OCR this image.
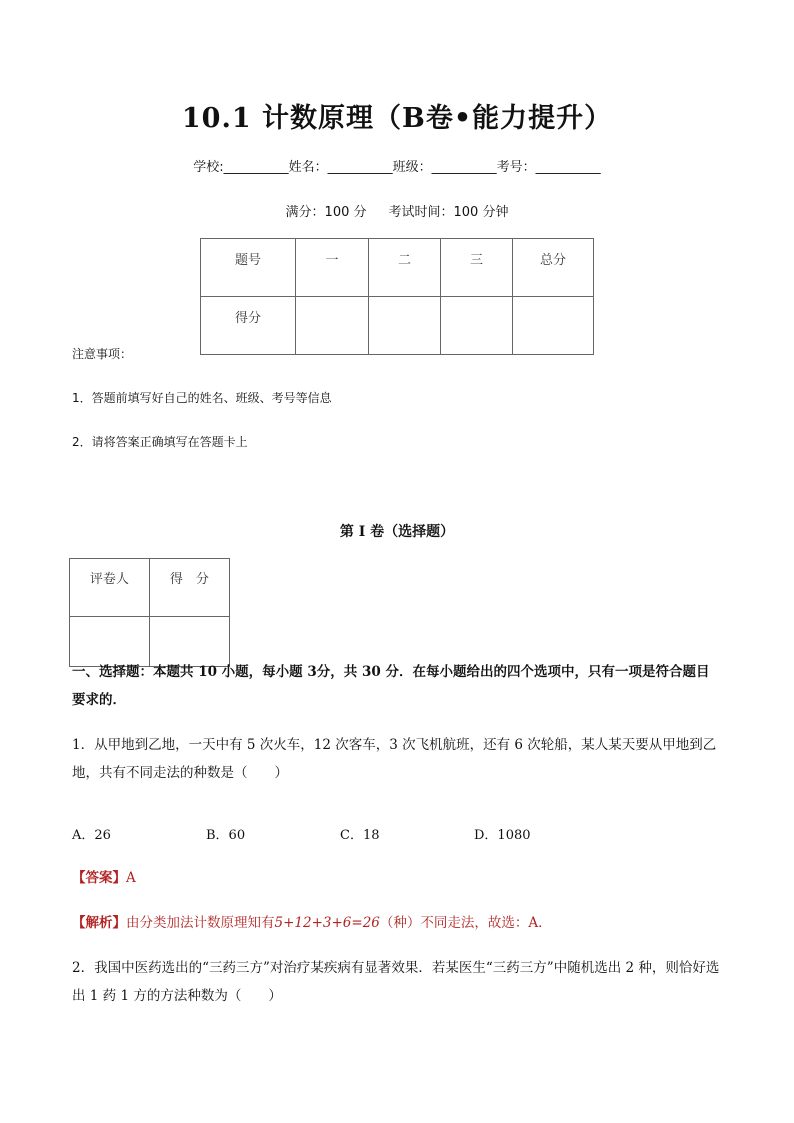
10.1 计数原理（B卷•能力提升）
学校:__________姓名：__________班级：__________考号：__________
满分：100 分 考试时间：100 分钟
题号	一	二	三	总分
得分				
注意事项：
1．答题前填写好自己的姓名、班级、考号等信息
2．请将答案正确填写在答题卡上
第 I 卷（选择题）
评卷人	得　分

一、选择题：本题共 10 小题，每小题 3分，共 30 分．在每小题给出的四个选项中，只有一项是符合题目要求的．
1．从甲地到乙地，一天中有 5 次火车，12 次客车，3 次飞机航班，还有 6 次轮船，某人某天要从甲地到乙地，共有不同走法的种数是（　　）
A．26	B．60	C．18	D．1080
【答案】A
【解析】由分类加法计数原理知有5+12+3+6=26（种）不同走法，故选：A．
2．我国中医药选出的“三药三方”对治疗某疾病有显著效果．若某医生“三药三方”中随机选出 2 种，则恰好选出 1 药 1 方的方法种数为（　　）
